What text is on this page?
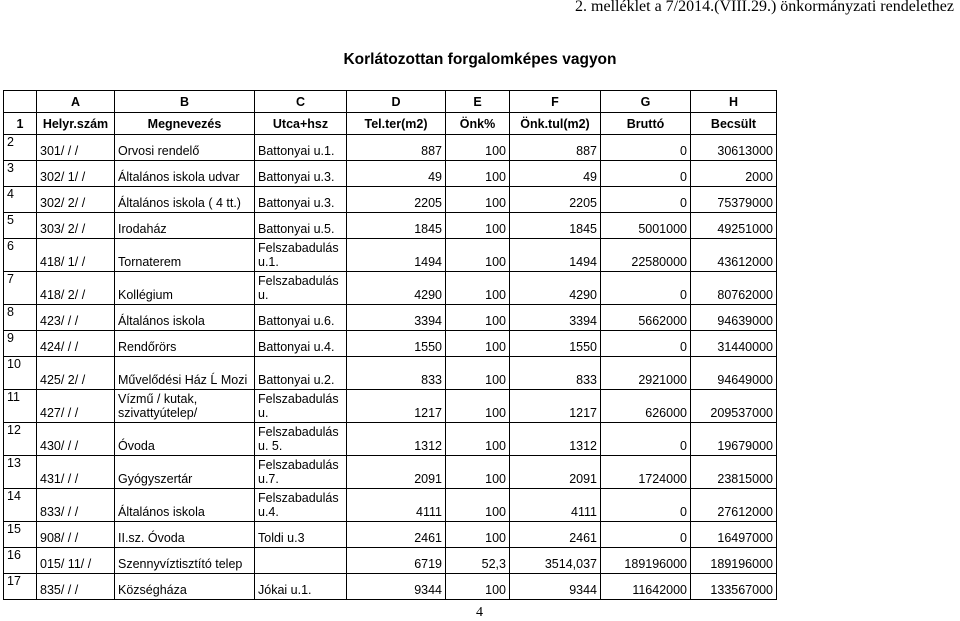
2. melléklet a 7/2014.(VIII.29.) önkormányzati rendelethez
Korlátozottan forgalomképes vagyon
	A	B	C	D	E	F	G	H
1	Helyr.szám	Megnevezés	Utca+hsz	Tel.ter(m2)	Önk%	Önk.tul(m2)	Bruttó	Becsült
2	301/ / /	Orvosi rendelő	Battonyai u.1.	887	100	887	0	30613000
3	302/ 1/ /	Általános iskola udvar	Battonyai u.3.	49	100	49	0	2000
4	302/ 2/ /	Általános iskola ( 4 tt.)	Battonyai u.3.	2205	100	2205	0	75379000
5	303/ 2/ /	Irodaház	Battonyai u.5.	1845	100	1845	5001000	49251000
6	418/ 1/ /	Tornaterem	Felszabadulás u.1.	1494	100	1494	22580000	43612000
7	418/ 2/ /	Kollégium	Felszabadulás u.	4290	100	4290	0	80762000
8	423/ / /	Általános iskola	Battonyai u.6.	3394	100	3394	5662000	94639000
9	424/ / /	Rendőrörs	Battonyai u.4.	1550	100	1550	0	31440000
10	425/ 2/ /	Művelődési Ház Ĺ Mozi	Battonyai u.2.	833	100	833	2921000	94649000
11	427/ / /	Vízmű / kutak, szivattyútelep/	Felszabadulás u.	1217	100	1217	626000	209537000
12	430/ / /	Óvoda	Felszabadulás u. 5.	1312	100	1312	0	19679000
13	431/ / /	Gyógyszertár	Felszabadulás u.7.	2091	100	2091	1724000	23815000
14	833/ / /	Általános iskola	Felszabadulás u.4.	4111	100	4111	0	27612000
15	908/ / /	II.sz. Óvoda	Toldi u.3	2461	100	2461	0	16497000
16	015/ 11/ /	Szennyvíztisztító telep		6719	52,3	3514,037	189196000	189196000
17	835/ / /	Községháza	Jókai u.1.	9344	100	9344	11642000	133567000
4
